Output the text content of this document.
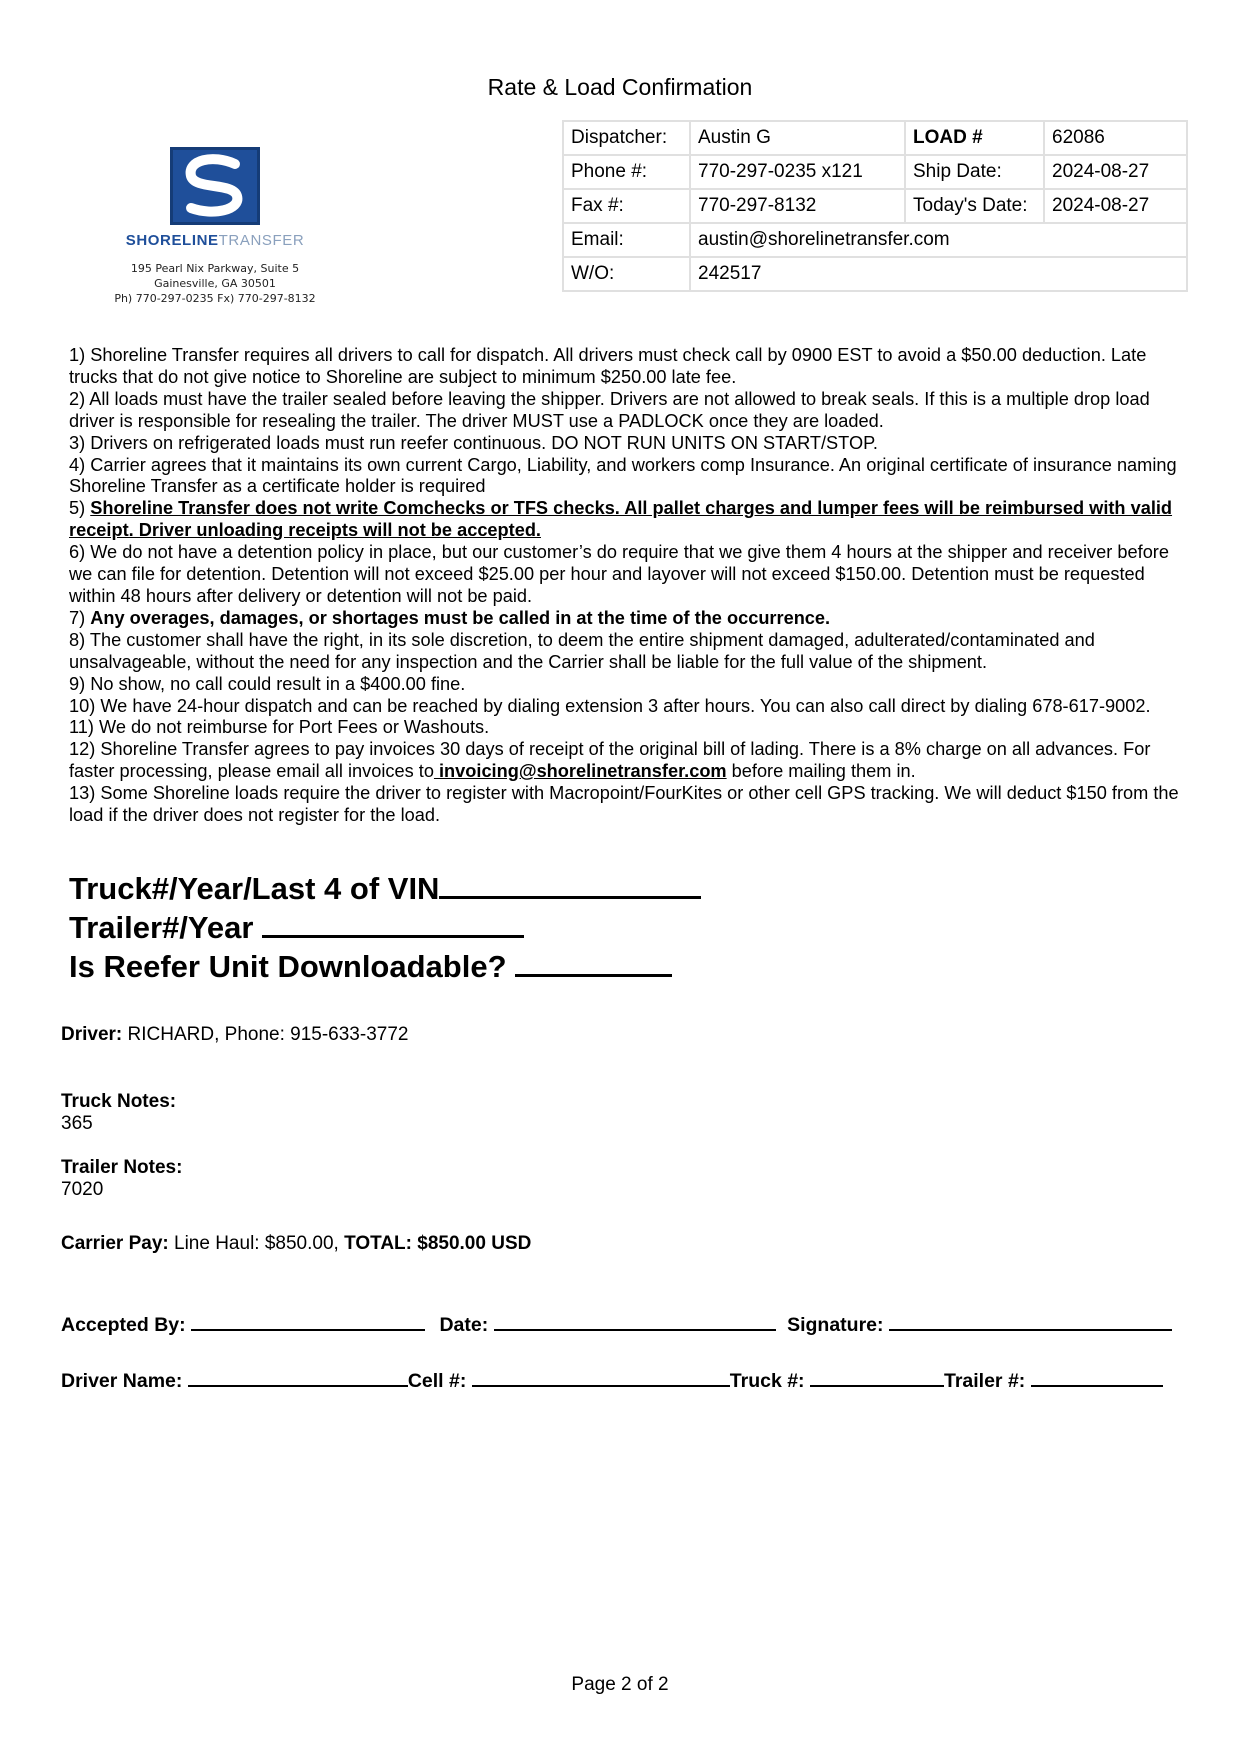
Rate & Load Confirmation
SHORELINETRANSFER
195 Pearl Nix Parkway, Suite 5
Gainesville, GA 30501
Ph) 770-297-0235 Fx) 770-297-8132
Dispatcher:	Austin G	LOAD #	62086
Phone #:	770-297-0235 x121	Ship Date:	2024-08-27
Fax #:	770-297-8132	Today's Date:	2024-08-27
Email:	austin@shorelinetransfer.com		
W/O:	242517		

1) Shoreline Transfer requires all drivers to call for dispatch. All drivers must check call by 0900 EST to avoid a $50.00 deduction. Late trucks that do not give notice to Shoreline are subject to minimum $250.00 late fee.

2) All loads must have the trailer sealed before leaving the shipper. Drivers are not allowed to break seals. If this is a multiple drop load driver is responsible for resealing the trailer. The driver MUST use a PADLOCK once they are loaded.

3) Drivers on refrigerated loads must run reefer continuous. DO NOT RUN UNITS ON START/STOP.

4) Carrier agrees that it maintains its own current Cargo, Liability, and workers comp Insurance. An original certificate of insurance naming Shoreline Transfer as a certificate holder is required

5) Shoreline Transfer does not write Comchecks or TFS checks. All pallet charges and lumper fees will be reimbursed with valid receipt. Driver unloading receipts will not be accepted.

6) We do not have a detention policy in place, but our customer’s do require that we give them 4 hours at the shipper and receiver before we can file for detention. Detention will not exceed $25.00 per hour and layover will not exceed $150.00. Detention must be requested within 48 hours after delivery or detention will not be paid.

7) Any overages, damages, or shortages must be called in at the time of the occurrence.

8) The customer shall have the right, in its sole discretion, to deem the entire shipment damaged, adulterated/contaminated and unsalvageable, without the need for any inspection and the Carrier shall be liable for the full value of the shipment.

9) No show, no call could result in a $400.00 fine.

10) We have 24-hour dispatch and can be reached by dialing extension 3 after hours. You can also call direct by dialing 678-617-9002.

11) We do not reimburse for Port Fees or Washouts.

12) Shoreline Transfer agrees to pay invoices 30 days of receipt of the original bill of lading. There is a 8% charge on all advances. For faster processing, please email all invoices to invoicing@shorelinetransfer.com before mailing them in.

13) Some Shoreline loads require the driver to register with Macropoint/FourKites or other cell GPS tracking. We will deduct $150 from the load if the driver does not register for the load.

Truck#/Year/Last 4 of VIN
Trailer#/Year
Is Reefer Unit Downloadable?
Driver: RICHARD, Phone: 915-633-3772
Truck Notes:
365
Trailer Notes:
7020
Carrier Pay: Line Haul: $850.00, TOTAL: $850.00 USD
Accepted By:	Date:	Signature:
Driver Name:	Cell #:	Truck #:	Trailer #:
Page 2 of 2
